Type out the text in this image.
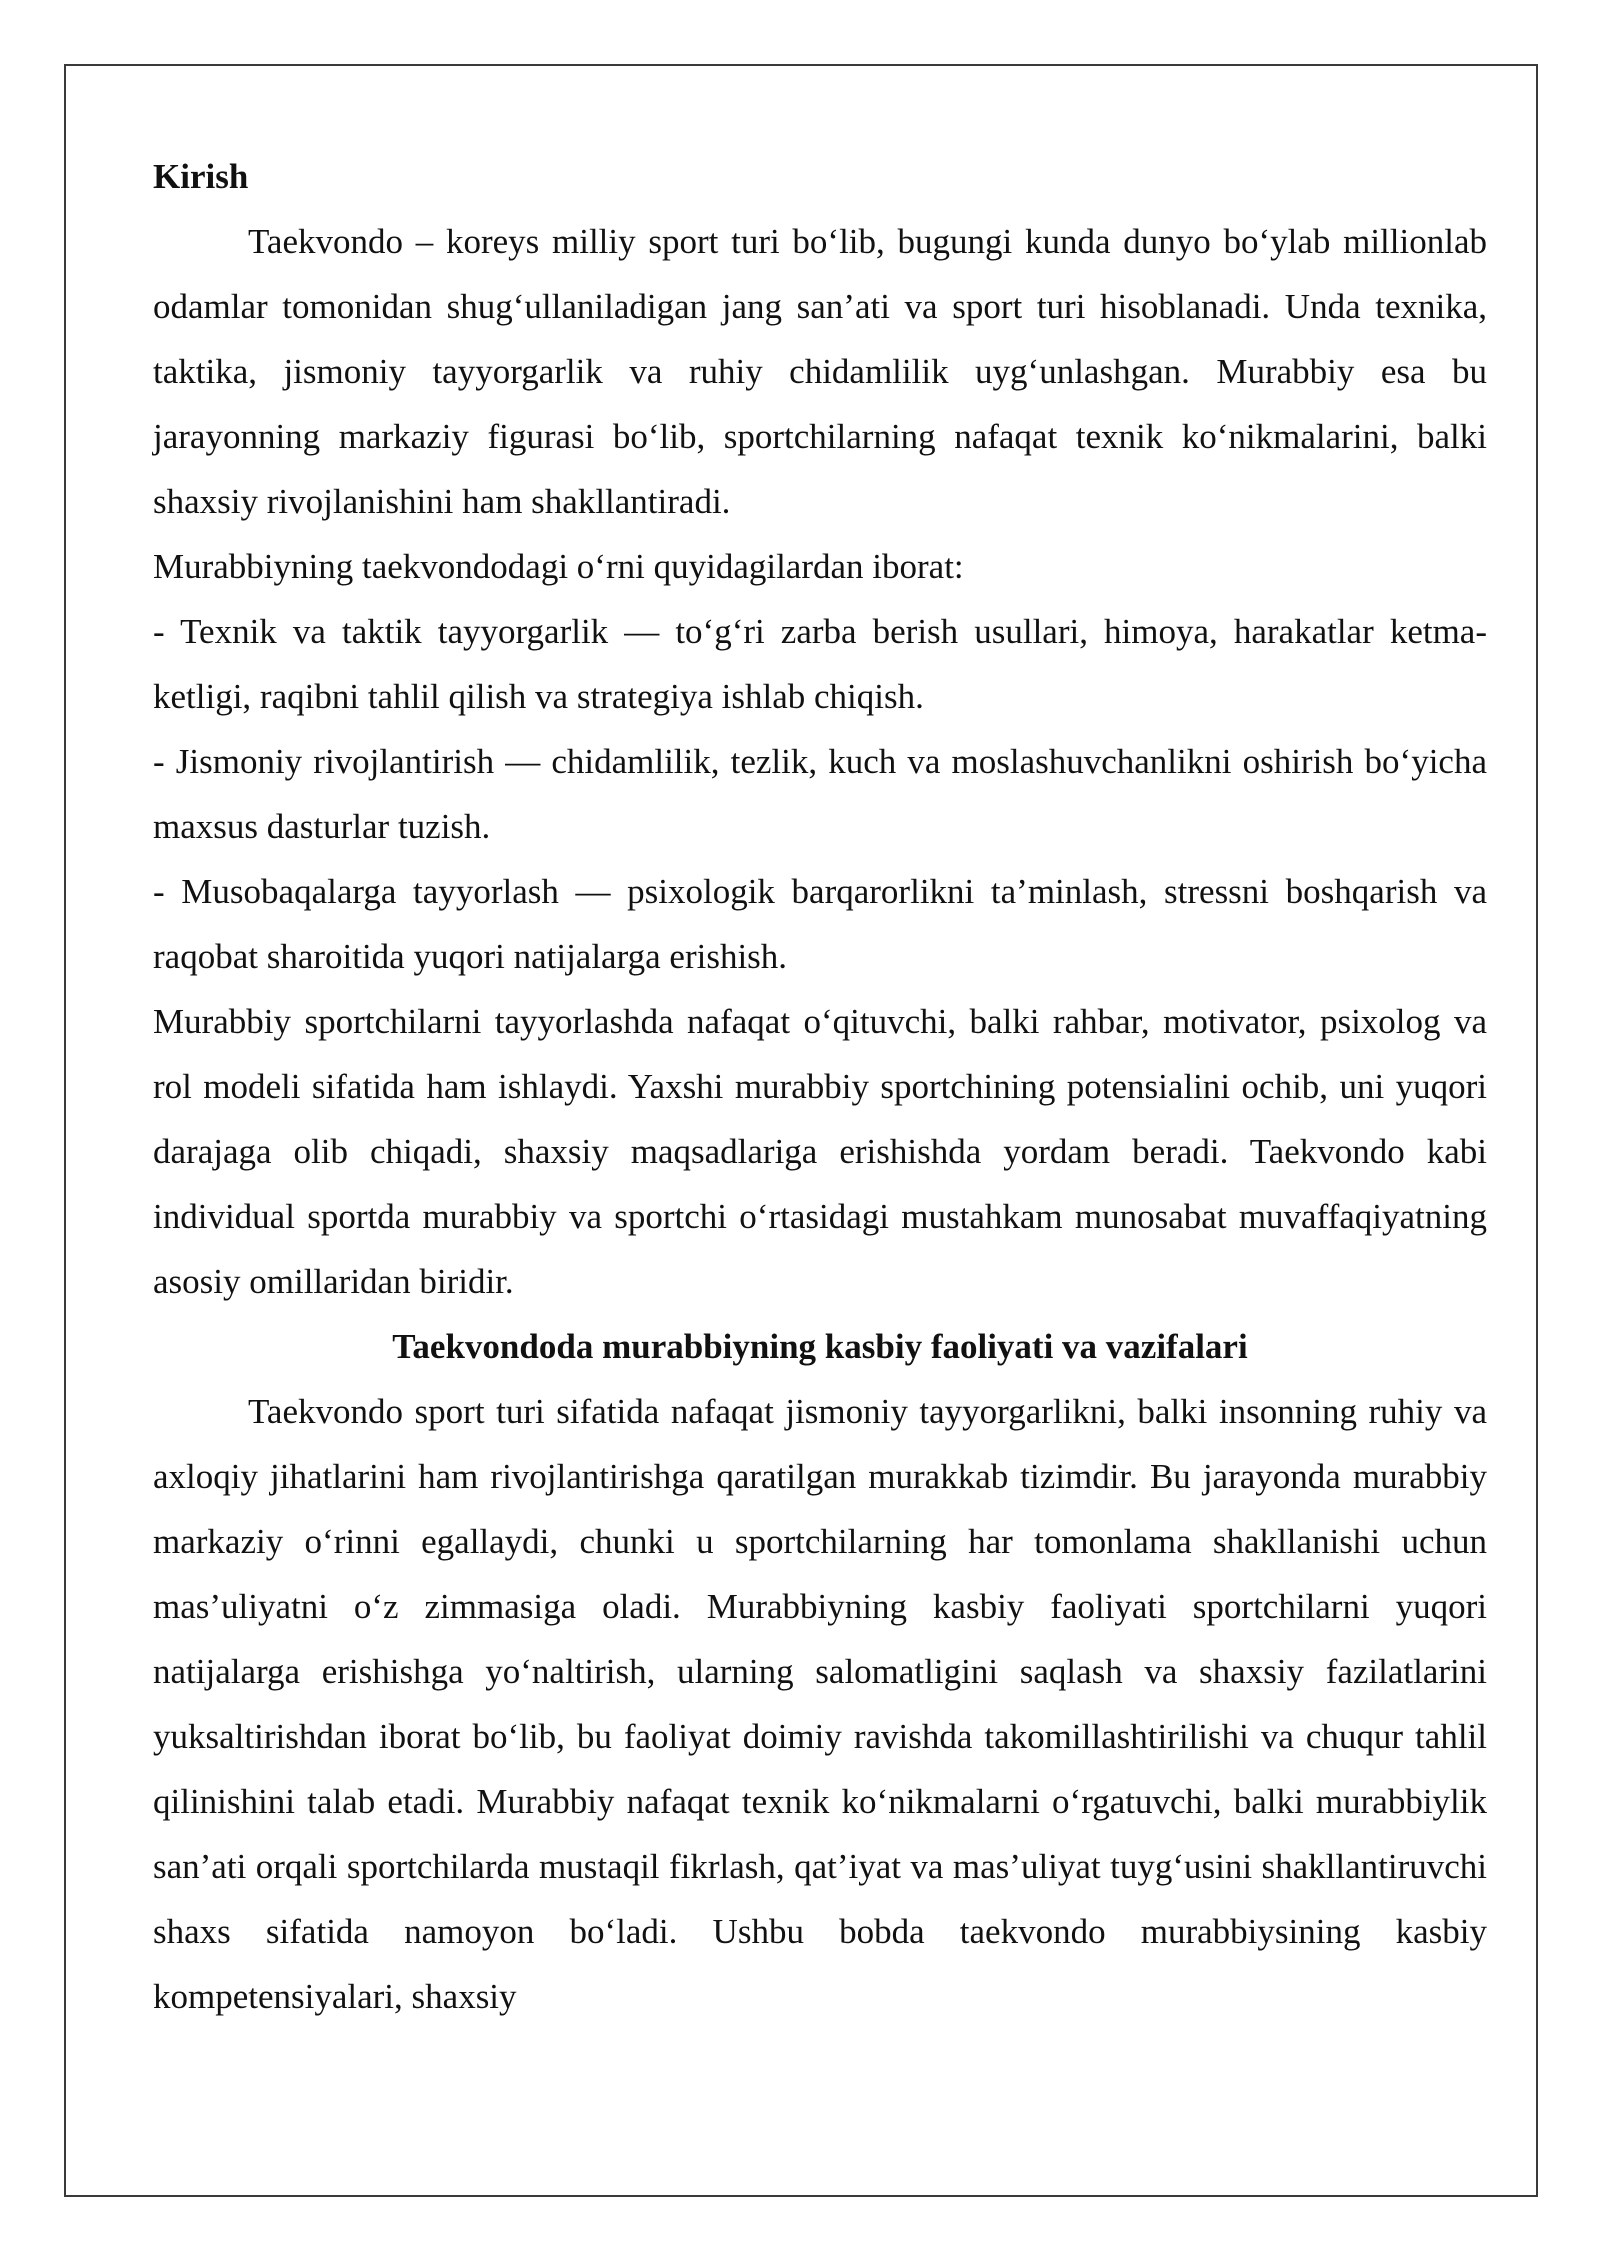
Kirish

Taekvondo – koreys milliy sport turi bo‘lib, bugungi kunda dunyo bo‘ylab millionlab odamlar tomonidan shug‘ullaniladigan jang san’ati va sport turi hisoblanadi. Unda texnika, taktika, jismoniy tayyorgarlik va ruhiy chidamlilik uyg‘unlashgan. Murabbiy esa bu jarayonning markaziy figurasi bo‘lib, sportchilarning nafaqat texnik ko‘nikmalarini, balki shaxsiy rivojlanishini ham shakllantiradi.

Murabbiyning taekvondodagi o‘rni quyidagilardan iborat:

- Texnik va taktik tayyorgarlik — to‘g‘ri zarba berish usullari, himoya, harakatlar ketma-ketligi, raqibni tahlil qilish va strategiya ishlab chiqish.

- Jismoniy rivojlantirish — chidamlilik, tezlik, kuch va moslashuvchanlikni oshirish bo‘yicha maxsus dasturlar tuzish.

- Musobaqalarga tayyorlash — psixologik barqarorlikni ta’minlash, stressni boshqarish va raqobat sharoitida yuqori natijalarga erishish.

Murabbiy sportchilarni tayyorlashda nafaqat o‘qituvchi, balki rahbar, motivator, psixolog va rol modeli sifatida ham ishlaydi. Yaxshi murabbiy sportchining potensialini ochib, uni yuqori darajaga olib chiqadi, shaxsiy maqsadlariga erishishda yordam beradi. Taekvondo kabi individual sportda murabbiy va sportchi o‘rtasidagi mustahkam munosabat muvaffaqiyatning asosiy omillaridan biridir.

Taekvondoda murabbiyning kasbiy faoliyati va vazifalari

Taekvondo sport turi sifatida nafaqat jismoniy tayyorgarlikni, balki insonning ruhiy va axloqiy jihatlarini ham rivojlantirishga qaratilgan murakkab tizimdir. Bu jarayonda murabbiy markaziy o‘rinni egallaydi, chunki u sportchilarning har tomonlama shakllanishi uchun mas’uliyatni o‘z zimmasiga oladi. Murabbiyning kasbiy faoliyati sportchilarni yuqori natijalarga erishishga yo‘naltirish, ularning salomatligini saqlash va shaxsiy fazilatlarini yuksaltirishdan iborat bo‘lib, bu faoliyat doimiy ravishda takomillashtirilishi va chuqur tahlil qilinishini talab etadi. Murabbiy nafaqat texnik ko‘nikmalarni o‘rgatuvchi, balki murabbiylik san’ati orqali sportchilarda mustaqil fikrlash, qat’iyat va mas’uliyat tuyg‘usini shakllantiruvchi shaxs sifatida namoyon bo‘ladi. Ushbu bobda taekvondo murabbiysining kasbiy kompetensiyalari, shaxsiy
